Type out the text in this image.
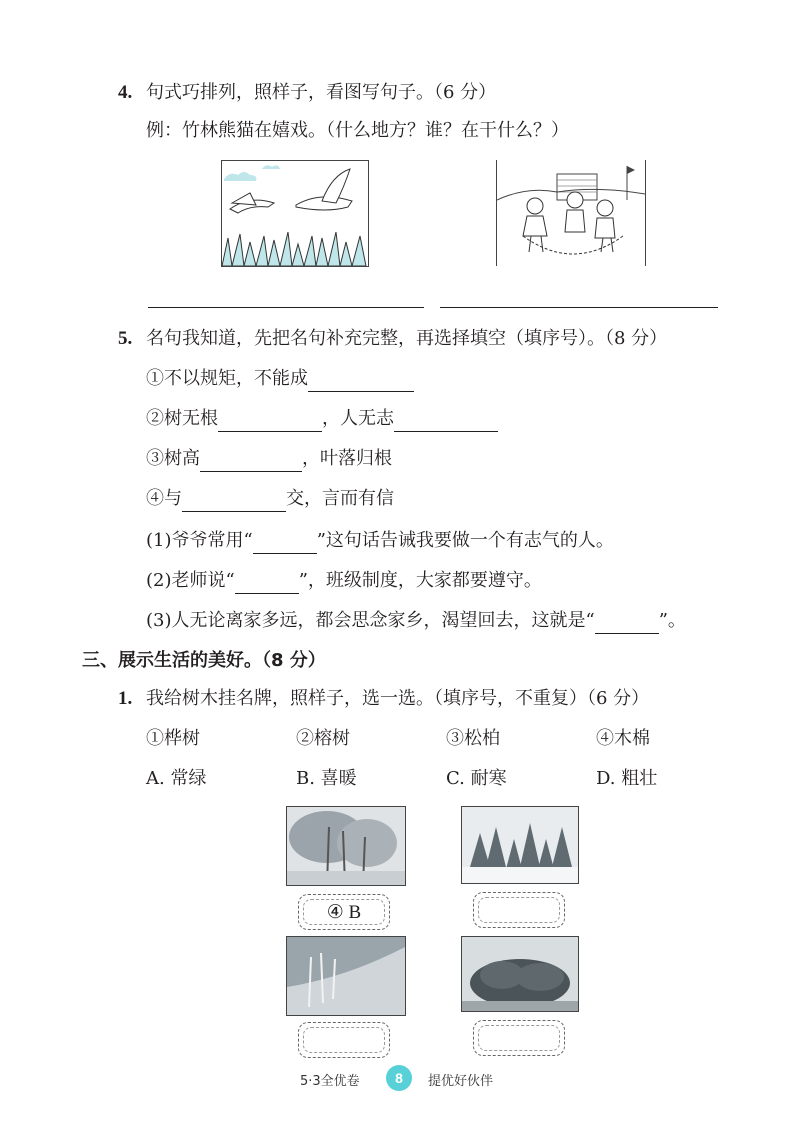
4. 句式巧排列，照样子，看图写句子。（6 分）
例：竹林熊猫在嬉戏。（什么地方？谁？在干什么？）
5. 名句我知道，先把名句补充完整，再选择填空（填序号）。（8 分）
①不以规矩，不能成
②树无根	，人无志
③树高	，叶落归根
④与	交，言而有信
(1)爷爷常用“	”这句话告诫我要做一个有志气的人。
(2)老师说“	”，班级制度，大家都要遵守。
(3)人无论离家多远，都会思念家乡，渴望回去，这就是“	”。
三、展示生活的美好。（8 分）
1. 我给树木挂名牌，照样子，选一选。（填序号，不重复）（6 分）
①桦树	②榕树	③松柏	④木棉
A. 常绿	B. 喜暖	C. 耐寒	D. 粗壮
④ B
5·3全优卷	8	提优好伙伴
